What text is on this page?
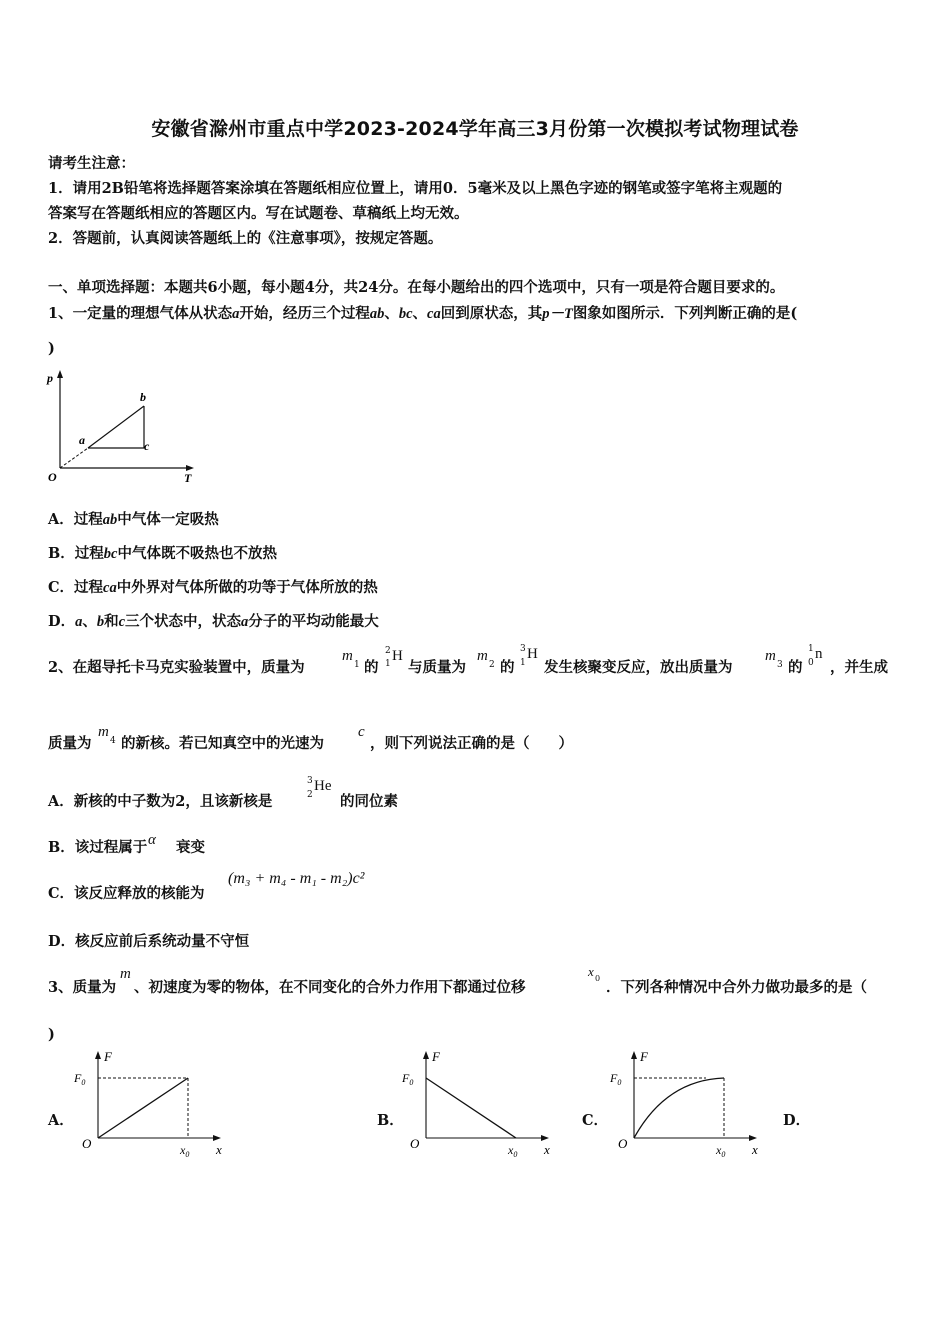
安徽省滁州市重点中学2023-2024学年高三3月份第一次模拟考试物理试卷
请考生注意：
1．请用2B铅笔将选择题答案涂填在答题纸相应位置上，请用0．5毫米及以上黑色字迹的钢笔或签字笔将主观题的
答案写在答题纸相应的答题区内。写在试题卷、草稿纸上均无效。
2．答题前，认真阅读答题纸上的《注意事项》，按规定答题。
一、单项选择题：本题共6小题，每小题4分，共24分。在每小题给出的四个选项中，只有一项是符合题目要求的。
1、一定量的理想气体从状态a开始，经历三个过程ab、bc、ca回到原状态，其p－T图象如图所示．下列判断正确的是(
)
p
T
O
a
b
c
A．过程ab中气体一定吸热
B．过程bc中气体既不吸热也不放热
C．过程ca中外界对气体所做的功等于气体所放的热
D．a、b和c三个状态中，状态a分子的平均动能最大
2、在超导托卡马克实验装置中，质量为
m
1 的
2
1 H
与质量为
m
2 的
3
1
H
发生核聚变反应，放出质量为
m
3 的
1
0
n
，并生成
质量为
m
4 的新核。若已知真空中的光速为
c
，则下列说法正确的是（　　）
A．新核的中子数为2，且该新核是
3
2
He
的同位素
B．该过程属于 α 衰变
C．该反应释放的核能为
(m₃ + m₄ - m₁ - m₂)c²
D．核反应前后系统动量不守恒
3、质量为
m
、初速度为零的物体，在不同变化的合外力作用下都通过位移
x 0
．下列各种情况中合外力做功最多的是（
)
A．	B．	C．	D．
F
x
O
$F_0$
$x_0$
F
x
O
$F_0$
$x_0$
F
x
O
$F_0$
$x_0$
